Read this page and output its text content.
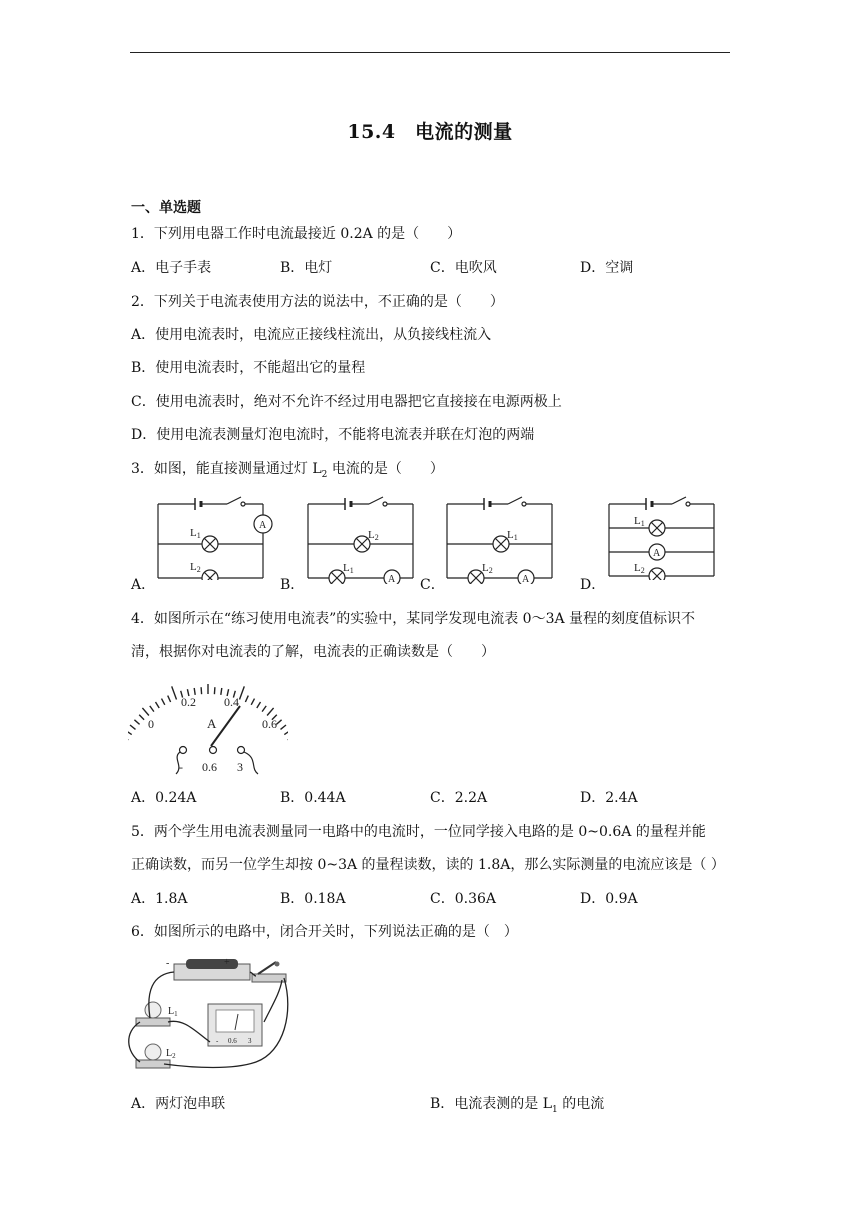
15.4　电流的测量
一、单选题
1．下列用电器工作时电流最接近 0.2A 的是（　　）
A．电子手表	B．电灯	C．电吹风	D．空调
2．下列关于电流表使用方法的说法中，不正确的是（　　）
A．使用电流表时，电流应正接线柱流出，从负接线柱流入
B．使用电流表时，不能超出它的量程
C．使用电流表时，绝对不允许不经过用电器把它直接接在电源两极上
D．使用电流表测量灯泡电流时，不能将电流表并联在灯泡的两端
3．如图，能直接测量通过灯 $L_2$ 电流的是（　　）
A
L1
L2
A．
L2
L1
A
B．
L1
L2
A
C．
L1
A
L2
D．
4．如图所示在“练习使用电流表”的实验中，某同学发现电流表 0～3A 量程的刻度值标识不
清，根据你对电流表的了解，电流表的正确读数是（　　）
0
0.2 0.4
0.6
A
- 0.6 3
A．0.24A	B．0.44A	C．2.2A	D．2.4A
5．两个学生用电流表测量同一电路中的电流时，一位同学接入电路的是 0~0.6A 的量程并能
正确读数，而另一位学生却按 0~3A 的量程读数，读的 1.8A，那么实际测量的电流应该是（ ）
A．1.8A	B．0.18A	C．0.36A	D．0.9A
6．如图所示的电路中，闭合开关时，下列说法正确的是（　）
-	+
$L_1$
$L_2$
- 0.6 3
A．两灯泡串联	B．电流表测的是 $L_1$ 的电流
